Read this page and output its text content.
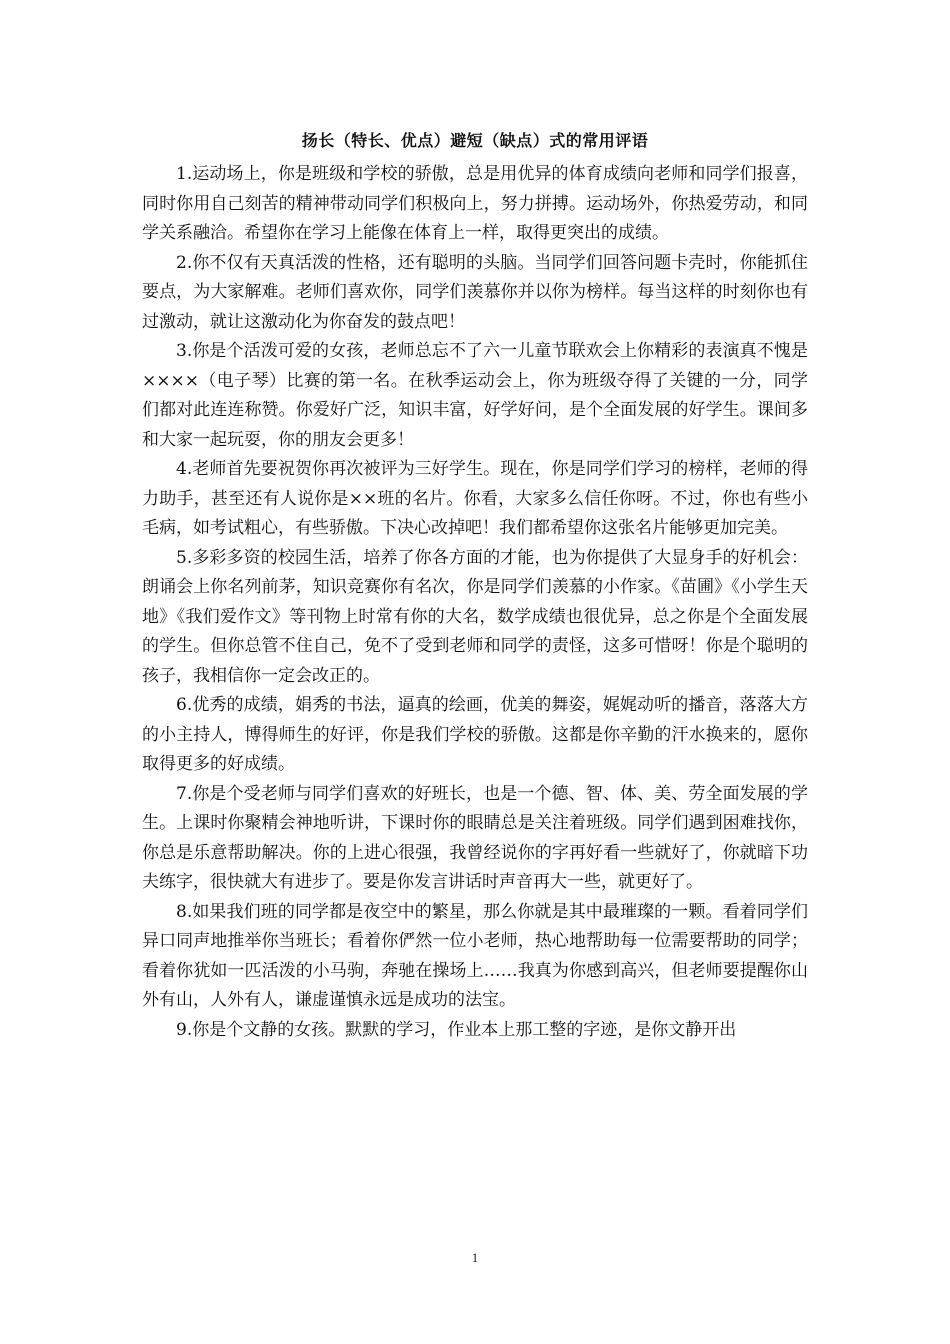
扬长（特长、优点）避短（缺点）式的常用评语

1.运动场上，你是班级和学校的骄傲，总是用优异的体育成绩向老师和同学们报喜，同时你用自己刻苦的精神带动同学们积极向上，努力拼搏。运动场外，你热爱劳动，和同学关系融洽。希望你在学习上能像在体育上一样，取得更突出的成绩。

2.你不仅有天真活泼的性格，还有聪明的头脑。当同学们回答问题卡壳时，你能抓住要点，为大家解难。老师们喜欢你，同学们羡慕你并以你为榜样。每当这样的时刻你也有过激动，就让这激动化为你奋发的鼓点吧！

3.你是个活泼可爱的女孩，老师总忘不了六一儿童节联欢会上你精彩的表演真不愧是××××（电子琴）比赛的第一名。在秋季运动会上，你为班级夺得了关键的一分，同学们都对此连连称赞。你爱好广泛，知识丰富，好学好问，是个全面发展的好学生。课间多和大家一起玩耍，你的朋友会更多！

4.老师首先要祝贺你再次被评为三好学生。现在，你是同学们学习的榜样，老师的得力助手，甚至还有人说你是××班的名片。你看，大家多么信任你呀。不过，你也有些小毛病，如考试粗心，有些骄傲。下决心改掉吧！我们都希望你这张名片能够更加完美。

5.多彩多资的校园生活，培养了你各方面的才能，也为你提供了大显身手的好机会：朗诵会上你名列前茅，知识竞赛你有名次，你是同学们羡慕的小作家。《苗圃》《小学生天地》《我们爱作文》等刊物上时常有你的大名，数学成绩也很优异，总之你是个全面发展的学生。但你总管不住自己，免不了受到老师和同学的责怪，这多可惜呀！你是个聪明的孩子，我相信你一定会改正的。

6.优秀的成绩，娟秀的书法，逼真的绘画，优美的舞姿，娓娓动听的播音，落落大方的小主持人，博得师生的好评，你是我们学校的骄傲。这都是你辛勤的汗水换来的，愿你取得更多的好成绩。

7.你是个受老师与同学们喜欢的好班长，也是一个德、智、体、美、劳全面发展的学生。上课时你聚精会神地听讲，下课时你的眼睛总是关注着班级。同学们遇到困难找你，你总是乐意帮助解决。你的上进心很强，我曾经说你的字再好看一些就好了，你就暗下功夫练字，很快就大有进步了。要是你发言讲话时声音再大一些，就更好了。

8.如果我们班的同学都是夜空中的繁星，那么你就是其中最璀璨的一颗。看着同学们异口同声地推举你当班长；看着你俨然一位小老师，热心地帮助每一位需要帮助的同学；看着你犹如一匹活泼的小马驹，奔驰在操场上……我真为你感到高兴，但老师要提醒你山外有山，人外有人，谦虚谨慎永远是成功的法宝。

9.你是个文静的女孩。默默的学习，作业本上那工整的字迹，是你文静开出

1
